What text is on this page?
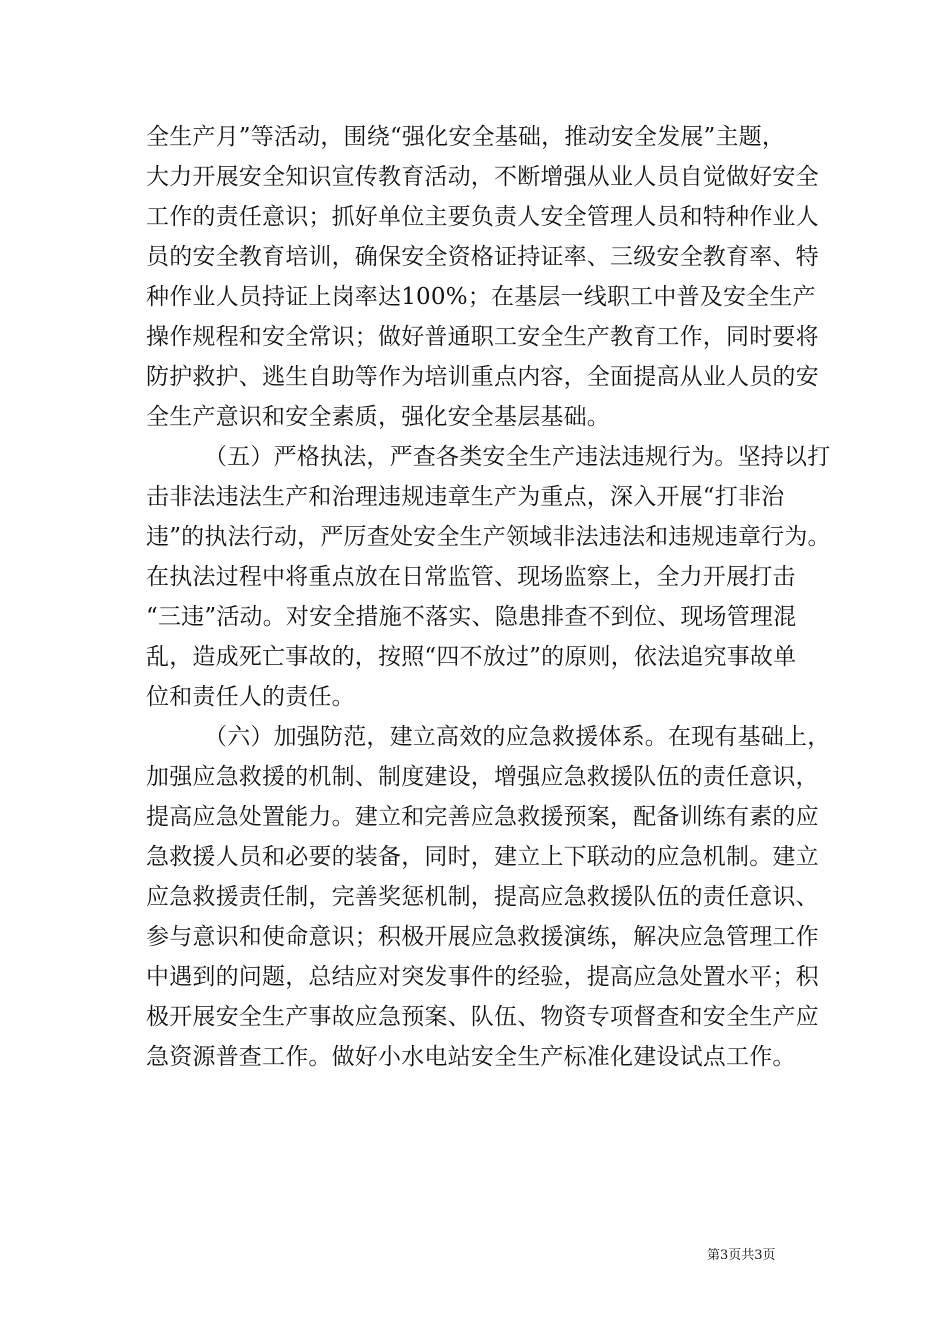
全生产月”等活动，围绕“强化安全基础，推动安全发展”主题，
大力开展安全知识宣传教育活动，不断增强从业人员自觉做好安全
工作的责任意识；抓好单位主要负责人安全管理人员和特种作业人
员的安全教育培训，确保安全资格证持证率、三级安全教育率、特
种作业人员持证上岗率达100%；在基层一线职工中普及安全生产
操作规程和安全常识；做好普通职工安全生产教育工作，同时要将
防护救护、逃生自助等作为培训重点内容，全面提高从业人员的安
全生产意识和安全素质，强化安全基层基础。
（五）严格执法，严查各类安全生产违法违规行为。坚持以打
击非法违法生产和治理违规违章生产为重点，深入开展“打非治
违”的执法行动，严厉查处安全生产领域非法违法和违规违章行为。
在执法过程中将重点放在日常监管、现场监察上，全力开展打击
“三违”活动。对安全措施不落实、隐患排查不到位、现场管理混
乱，造成死亡事故的，按照“四不放过”的原则，依法追究事故单
位和责任人的责任。
（六）加强防范，建立高效的应急救援体系。在现有基础上，
加强应急救援的机制、制度建设，增强应急救援队伍的责任意识，
提高应急处置能力。建立和完善应急救援预案，配备训练有素的应
急救援人员和必要的装备，同时，建立上下联动的应急机制。建立
应急救援责任制，完善奖惩机制，提高应急救援队伍的责任意识、
参与意识和使命意识；积极开展应急救援演练，解决应急管理工作
中遇到的问题，总结应对突发事件的经验，提高应急处置水平；积
极开展安全生产事故应急预案、队伍、物资专项督查和安全生产应
急资源普查工作。做好小水电站安全生产标准化建设试点工作。
第3页共3页
